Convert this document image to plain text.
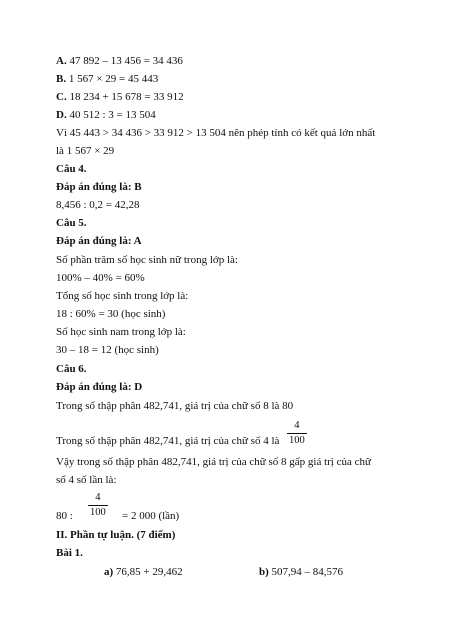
A. 47 892 – 13 456 = 34 436
B. 1 567 × 29 = 45 443
C. 18 234 + 15 678 = 33 912
D. 40 512 : 3 = 13 504
Vì 45 443 > 34 436 > 33 912 > 13 504 nên phép tính có kết quả lớn nhất
là 1 567 × 29
Câu 4.
Đáp án đúng là: B
8,456 : 0,2 = 42,28
Câu 5.
Đáp án đúng là: A
Số phần trăm số học sinh nữ trong lớp là:
100% – 40% = 60%
Tổng số học sinh trong lớp là:
18 : 60% = 30 (học sinh)
Số học sinh nam trong lớp là:
30 – 18 = 12 (học sinh)
Câu 6.
Đáp án đúng là: D
Trong số thập phân 482,741, giá trị của chữ số 8 là 80
4
100
Trong số thập phân 482,741, giá trị của chữ số 4 là
Vậy trong số thập phân 482,741, giá trị của chữ số 8 gấp giá trị của chữ
số 4 số lần là:
4
100
80 :	= 2 000 (lần)
II. Phần tự luận. (7 điểm)
Bài 1.
a) 76,85 + 29,462	b) 507,94 – 84,576
